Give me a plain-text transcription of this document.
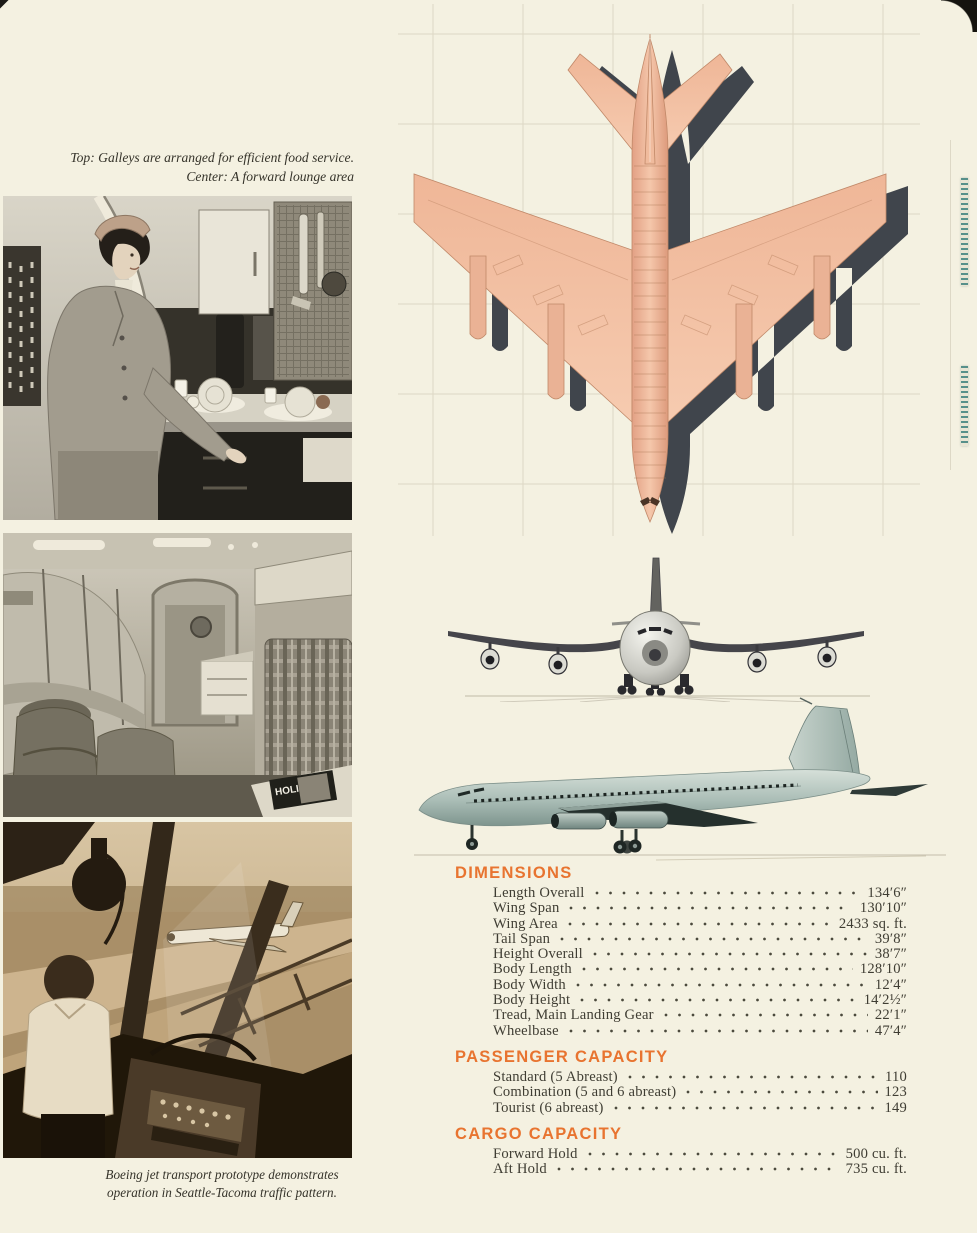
Top: Galleys are arranged for efficient food service.
Center: A forward lounge area
HOLI
DIMENSIONS
Length Overall	134′6″
Wing Span	130′10″
Wing Area	2433 sq. ft.
Tail Span	39′8″
Height Overall	38′7″
Body Length	128′10″
Body Width	12′4″
Body Height	14′2½″
Tread, Main Landing Gear	22′1″
Wheelbase	47′4″
PASSENGER CAPACITY
Standard (5 Abreast)	110
Combination (5 and 6 abreast)	123
Tourist (6 abreast)	149
CARGO CAPACITY
Forward Hold	500 cu. ft.
Aft Hold	735 cu. ft.
Boeing jet transport prototype demonstrates
operation in Seattle-Tacoma traffic pattern.
